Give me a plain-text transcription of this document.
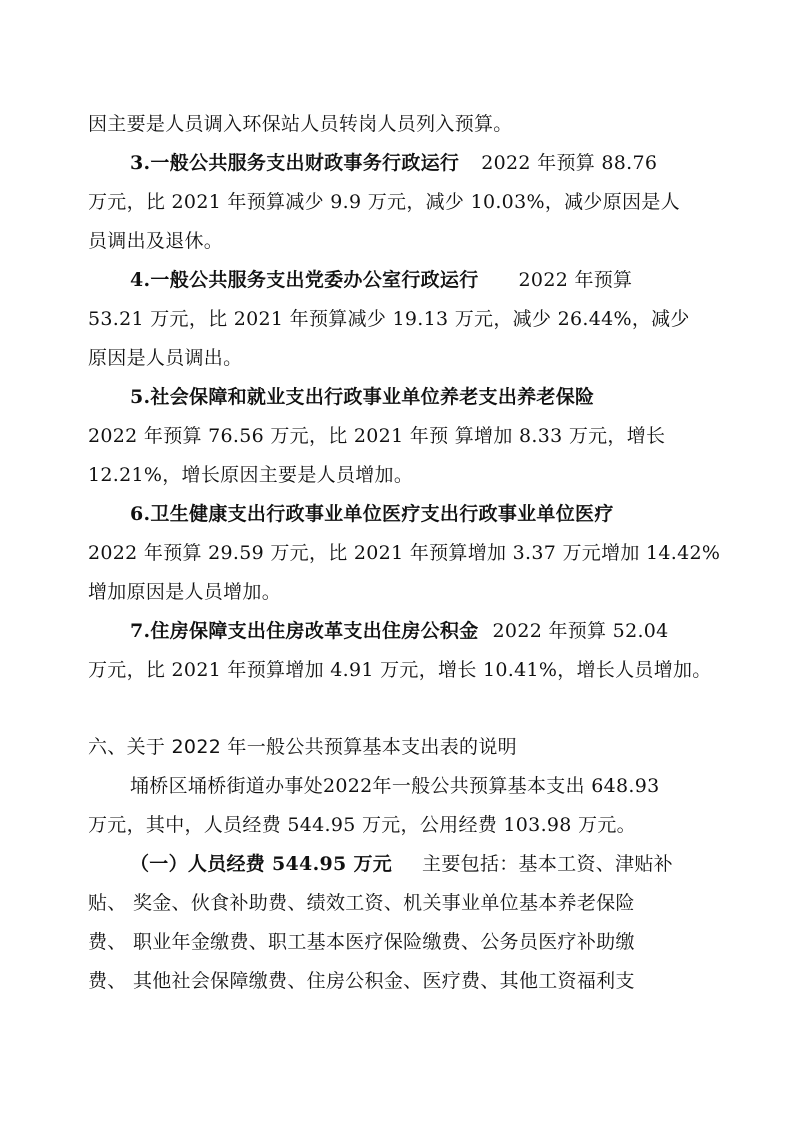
因主要是人员调入环保站人员转岗人员列入预算。
3.一般公共服务支出财政事务行政运行 2022 年预算 88.76
万元，比 2021 年预算减少 9.9 万元，减少 10.03%，减少原因是人
员调出及退休。
4.一般公共服务支出党委办公室行政运行 2022 年预算
53.21 万元，比 2021 年预算减少 19.13 万元，减少 26.44%，减少
原因是人员调出。
5.社会保障和就业支出行政事业单位养老支出养老保险
2022 年预算 76.56 万元，比 2021 年预 算增加 8.33 万元，增长
12.21%，增长原因主要是人员增加。
6.卫生健康支出行政事业单位医疗支出行政事业单位医疗
2022 年预算 29.59 万元，比 2021 年预算增加 3.37 万元增加 14.42%
增加原因是人员增加。
7.住房保障支出住房改革支出住房公积金 2022 年预算 52.04
万元，比 2021 年预算增加 4.91 万元，增长 10.41%，增长人员增加。
六、关于 2022 年一般公共预算基本支出表的说明
埇桥区埇桥街道办事处2022年一般公共预算基本支出 648.93
万元，其中，人员经费 544.95 万元，公用经费 103.98 万元。
（一）人员经费 544.95 万元 主要包括：基本工资、津贴补
贴、 奖金、伙食补助费、绩效工资、机关事业单位基本养老保险
费、 职业年金缴费、职工基本医疗保险缴费、公务员医疗补助缴
费、 其他社会保障缴费、住房公积金、医疗费、其他工资福利支
